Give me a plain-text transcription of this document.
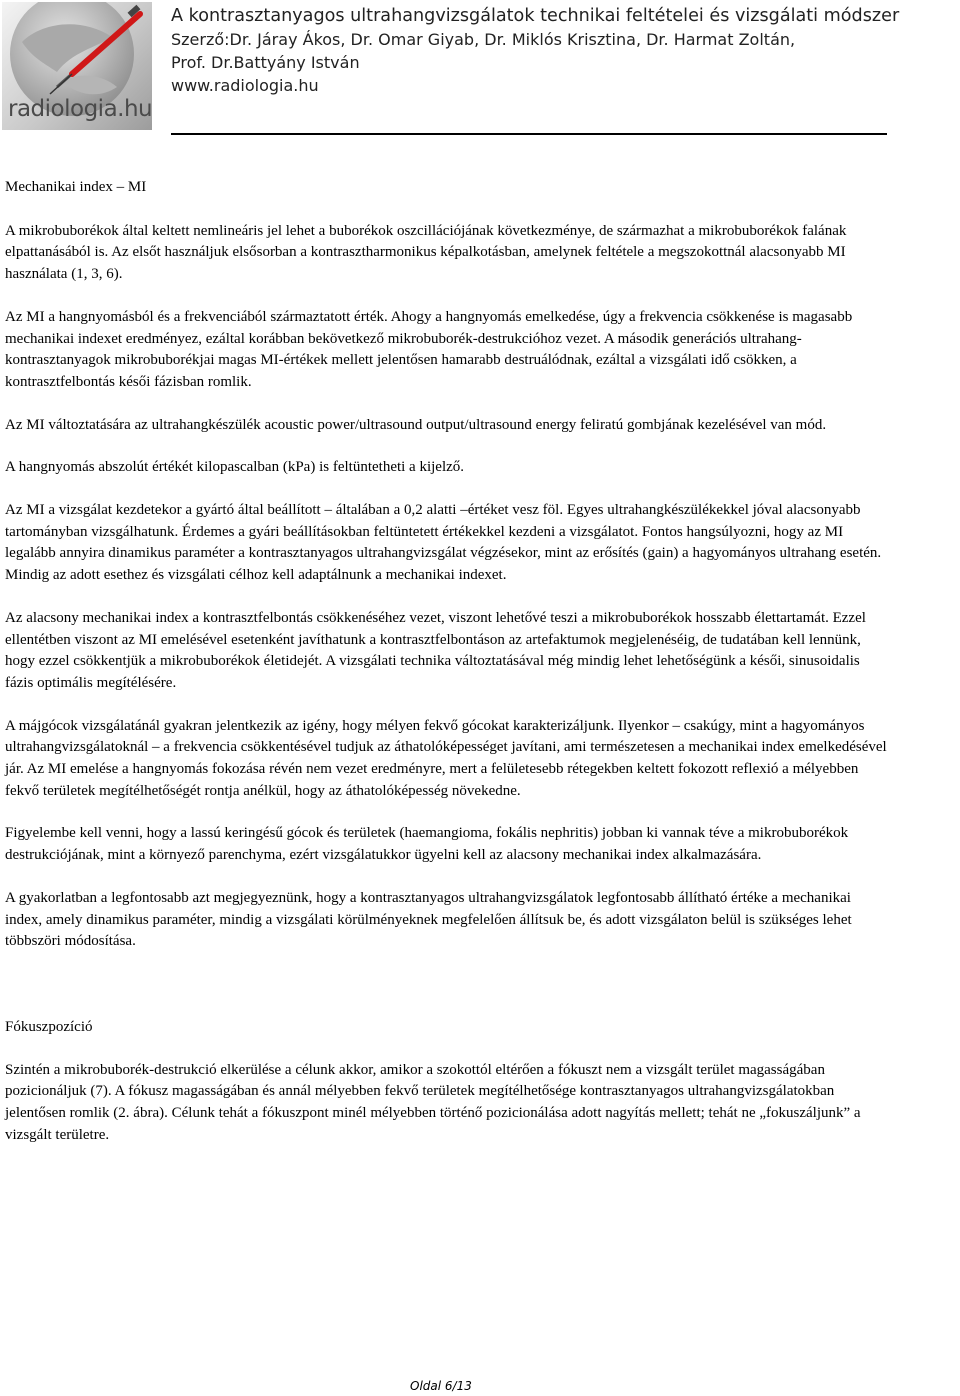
radiologia.hu
A kontrasztanyagos ultrahangvizsgálatok technikai feltételei és vizsgálati módszer
Szerző:Dr. Járay Ákos, Dr. Omar Giyab, Dr. Miklós Krisztina, Dr. Harmat Zoltán,
Prof. Dr.Battyány István
www.radiologia.hu

Mechanikai index – MI

A mikrobuborékok által keltett nemlineáris jel lehet a buborékok oszcillációjának következménye, de származhat a mikrobuborékok falának elpattanásából is. Az elsőt használjuk elsősorban a kontrasztharmonikus képalkotásban, amelynek feltétele a megszokottnál alacsonyabb MI használata (1, 3, 6).

Az MI a hangnyomásból és a frekvenciából származtatott érték. Ahogy a hangnyomás emelkedése, úgy a frekvencia csökkenése is magasabb mechanikai indexet eredményez, ezáltal korábban bekövetkező mikrobuborék-destrukcióhoz vezet. A második generációs ultrahang-kontrasztanyagok mikrobuborékjai magas MI-értékek mellett jelentősen hamarabb destruálódnak, ezáltal a vizsgálati idő csökken, a kontrasztfelbontás késői fázisban romlik.

Az MI változtatására az ultrahangkészülék acoustic power/ultrasound output/ultrasound energy feliratú gombjának kezelésével van mód.

A hangnyomás abszolút értékét kilopascalban (kPa) is feltüntetheti a kijelző.

Az MI a vizsgálat kezdetekor a gyártó által beállított – általában a 0,2 alatti –értéket vesz föl. Egyes ultrahangkészülékekkel jóval alacsonyabb tartományban vizsgálhatunk. Érdemes a gyári beállításokban feltüntetett értékekkel kezdeni a vizsgálatot. Fontos hangsúlyozni, hogy az MI legalább annyira dinamikus paraméter a kontrasztanyagos ultrahangvizsgálat végzésekor, mint az erősítés (gain) a hagyományos ultrahang esetén. Mindig az adott esethez és vizsgálati célhoz kell adaptálnunk a mechanikai indexet.

Az alacsony mechanikai index a kontrasztfelbontás csökkenéséhez vezet, viszont lehetővé teszi a mikrobuborékok hosszabb élettartamát. Ezzel ellentétben viszont az MI emelésével esetenként javíthatunk a kontrasztfelbontáson az artefaktumok megjelenéséig, de tudatában kell lennünk, hogy ezzel csökkentjük a mikrobuborékok életidejét. A vizsgálati technika változtatásával még mindig lehet lehetőségünk a késői, sinusoidalis fázis optimális megítélésére.

A májgócok vizsgálatánál gyakran jelentkezik az igény, hogy mélyen fekvő gócokat karakterizáljunk. Ilyenkor – csakúgy, mint a hagyományos ultrahangvizsgálatoknál – a frekvencia csökkentésével tudjuk az áthatolóképességet javítani, ami természetesen a mechanikai index emelkedésével jár. Az MI emelése a hangnyomás fokozása révén nem vezet eredményre, mert a felületesebb rétegekben keltett fokozott reflexió a mélyebben fekvő területek megítélhetőségét rontja anélkül, hogy az áthatolóképesség növekedne.

Figyelembe kell venni, hogy a lassú keringésű gócok és területek (haemangioma, fokális nephritis) jobban ki vannak téve a mikrobuborékok destrukciójának, mint a környező parenchyma, ezért vizsgálatukkor ügyelni kell az alacsony mechanikai index alkalmazására.

A gyakorlatban a legfontosabb azt megjegyeznünk, hogy a kontrasztanyagos ultrahangvizsgálatok legfontosabb állítható értéke a mechanikai index, amely dinamikus paraméter, mindig a vizsgálati körülményeknek megfelelően állítsuk be, és adott vizsgálaton belül is szükséges lehet többszöri módosítása.

Fókuszpozíció

Szintén a mikrobuborék-destrukció elkerülése a célunk akkor, amikor a szokottól eltérően a fókuszt nem a vizsgált terület magasságában pozicionáljuk (7). A fókusz magasságában és annál mélyebben fekvő területek megítélhetősége kontrasztanyagos ultrahangvizsgálatokban jelentősen romlik (2. ábra). Célunk tehát a fókuszpont minél mélyebben történő pozicionálása adott nagyítás mellett; tehát ne „fokuszáljunk” a vizsgált területre.

Oldal 6/13
